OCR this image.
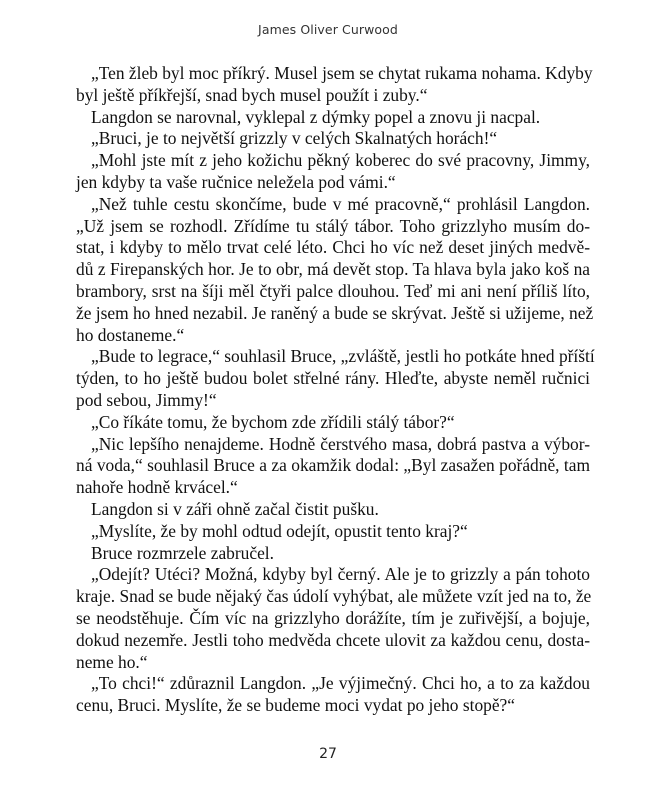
James Oliver Curwood
„Ten žleb byl moc příkrý. Musel jsem se chytat rukama nohama. Kdyby
byl ještě příkřejší, snad bych musel použít i zuby.“
Langdon se narovnal, vyklepal z dýmky popel a znovu ji nacpal.
„Bruci, je to největší grizzly v celých Skalnatých horách!“
„Mohl jste mít z jeho kožichu pěkný koberec do své pracovny, Jimmy,
jen kdyby ta vaše ručnice neležela pod vámi.“
„Než tuhle cestu skončíme, bude v mé pracovně,“ prohlásil Langdon.
„Už jsem se rozhodl. Zřídíme tu stálý tábor. Toho grizzlyho musím do-
stat, i kdyby to mělo trvat celé léto. Chci ho víc než deset jiných medvě-
dů z Firepanských hor. Je to obr, má devět stop. Ta hlava byla jako koš na
brambory, srst na šíji měl čtyři palce dlouhou. Teď mi ani není příliš líto,
že jsem ho hned nezabil. Je raněný a bude se skrývat. Ještě si užijeme, než
ho dostaneme.“
„Bude to legrace,“ souhlasil Bruce, „zvláště, jestli ho potkáte hned příští
týden, to ho ještě budou bolet střelné rány. Hleďte, abyste neměl ručnici
pod sebou, Jimmy!“
„Co říkáte tomu, že bychom zde zřídili stálý tábor?“
„Nic lepšího nenajdeme. Hodně čerstvého masa, dobrá pastva a výbor-
ná voda,“ souhlasil Bruce a za okamžik dodal: „Byl zasažen pořádně, tam
nahoře hodně krvácel.“
Langdon si v záři ohně začal čistit pušku.
„Myslíte, že by mohl odtud odejít, opustit tento kraj?“
Bruce rozmrzele zabručel.
„Odejít? Utéci? Možná, kdyby byl černý. Ale je to grizzly a pán tohoto
kraje. Snad se bude nějaký čas údolí vyhýbat, ale můžete vzít jed na to, že
se neodstěhuje. Čím víc na grizzlyho dorážíte, tím je zuřivější, a bojuje,
dokud nezemře. Jestli toho medvěda chcete ulovit za každou cenu, dosta-
neme ho.“
„To chci!“ zdůraznil Langdon. „Je výjimečný. Chci ho, a to za každou
cenu, Bruci. Myslíte, že se budeme moci vydat po jeho stopě?“
27
